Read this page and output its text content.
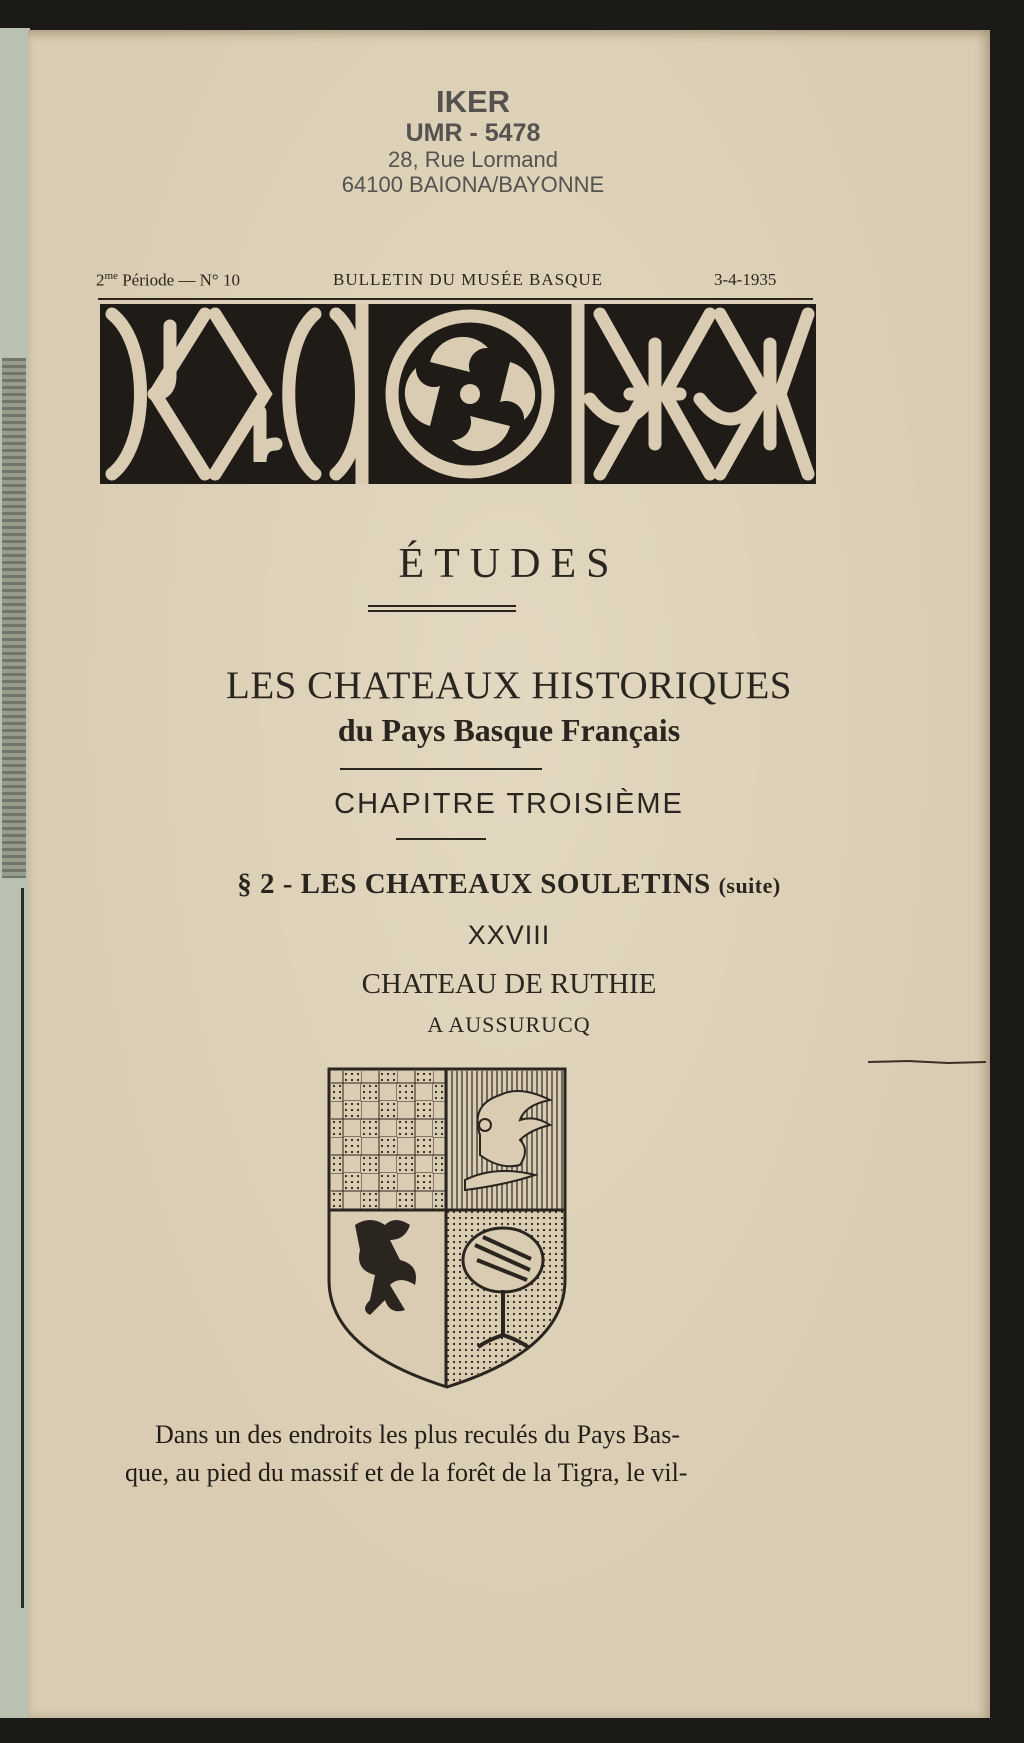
IKER
UMR - 5478
28, Rue Lormand
64100 BAIONA/BAYONNE
$2^{me}$ Période — N° 10	BULLETIN DU MUSÉE BASQUE	3-4-1935
ÉTUDES
LES CHATEAUX HISTORIQUES
du Pays Basque Français
CHAPITRE TROISIÈME
§ 2 - LES CHATEAUX SOULETINS (suite)
XXVIII
CHATEAU DE RUTHIE
A AUSSURUCQ
Dans un des endroits les plus reculés du Pays Bas-
que, au pied du massif et de la forêt de la Tigra, le vil-
